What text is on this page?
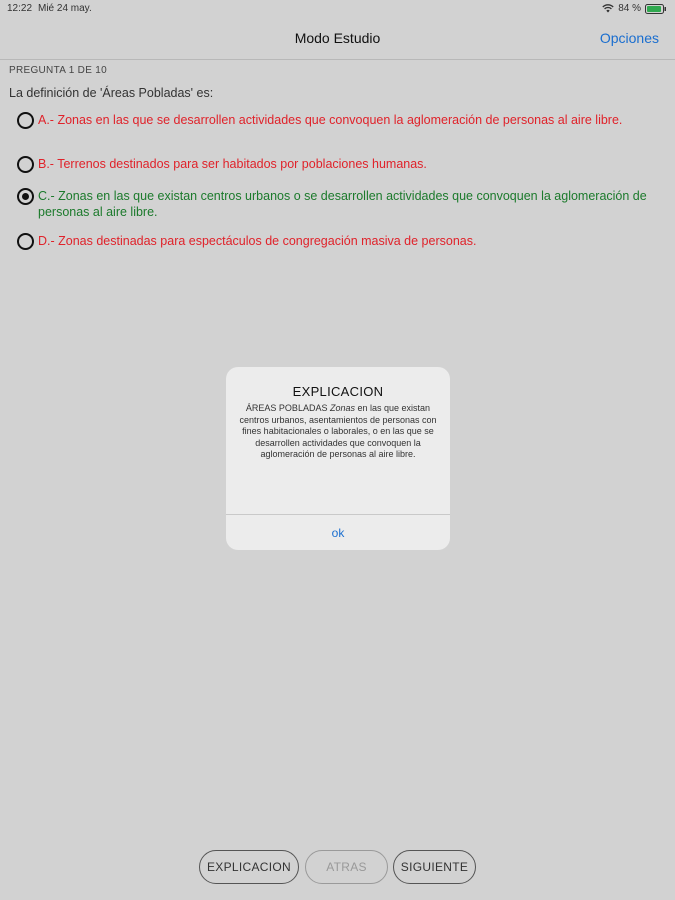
12:22 Mié 24 may.	84 %
Modo Estudio	Opciones
PREGUNTA 1 DE 10
La definición de 'Áreas Pobladas' es:
A.- Zonas en las que se desarrollen actividades que convoquen la aglomeración de personas al aire libre.
B.- Terrenos destinados para ser habitados por poblaciones humanas.
C.- Zonas en las que existan centros urbanos o se desarrollen actividades que convoquen la aglomeración de personas al aire libre.
D.- Zonas destinadas para espectáculos de congregación masiva de personas.
EXPLICACION
ÁREAS POBLADAS Zonas en las que existan centros urbanos, asentamientos de personas con fines habitacionales o laborales, o en las que se desarrollen actividades que convoquen la aglomeración de personas al aire libre.
ok
EXPLICACION	ATRAS	SIGUIENTE
